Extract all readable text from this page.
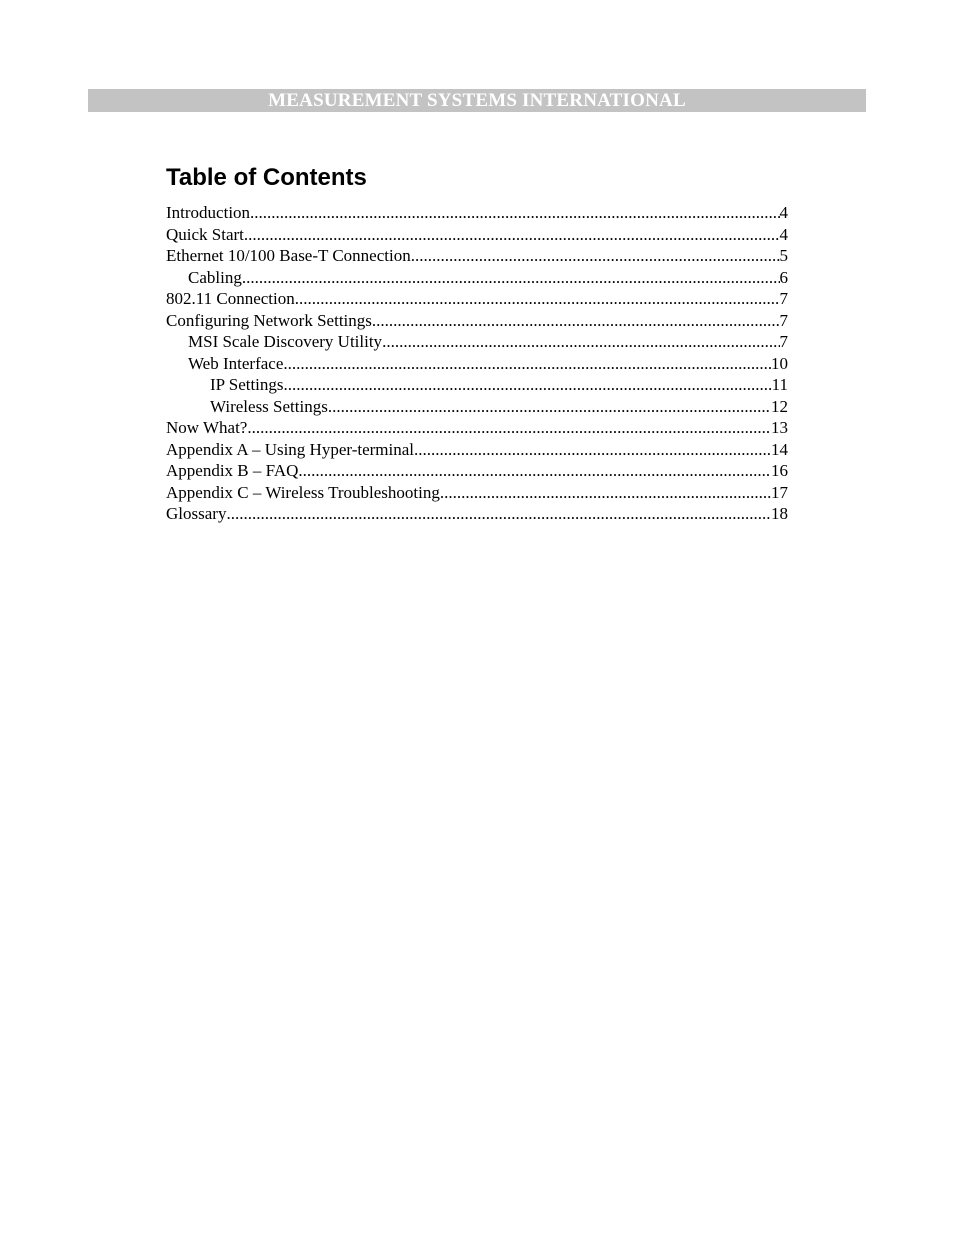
MEASUREMENT SYSTEMS INTERNATIONAL
Table of Contents
Introduction .....	4
Quick Start .....	4
Ethernet 10/100 Base-T Connection .....	5
Cabling .....	6
802.11 Connection .....	7
Configuring Network Settings .....	7
MSI Scale Discovery Utility .....	7
Web Interface .....	10
IP Settings .....	11
Wireless Settings .....	12
Now What? .....	13
Appendix A – Using Hyper-terminal .....	14
Appendix B – FAQ .....	16
Appendix C – Wireless Troubleshooting .....	17
Glossary .....	18
